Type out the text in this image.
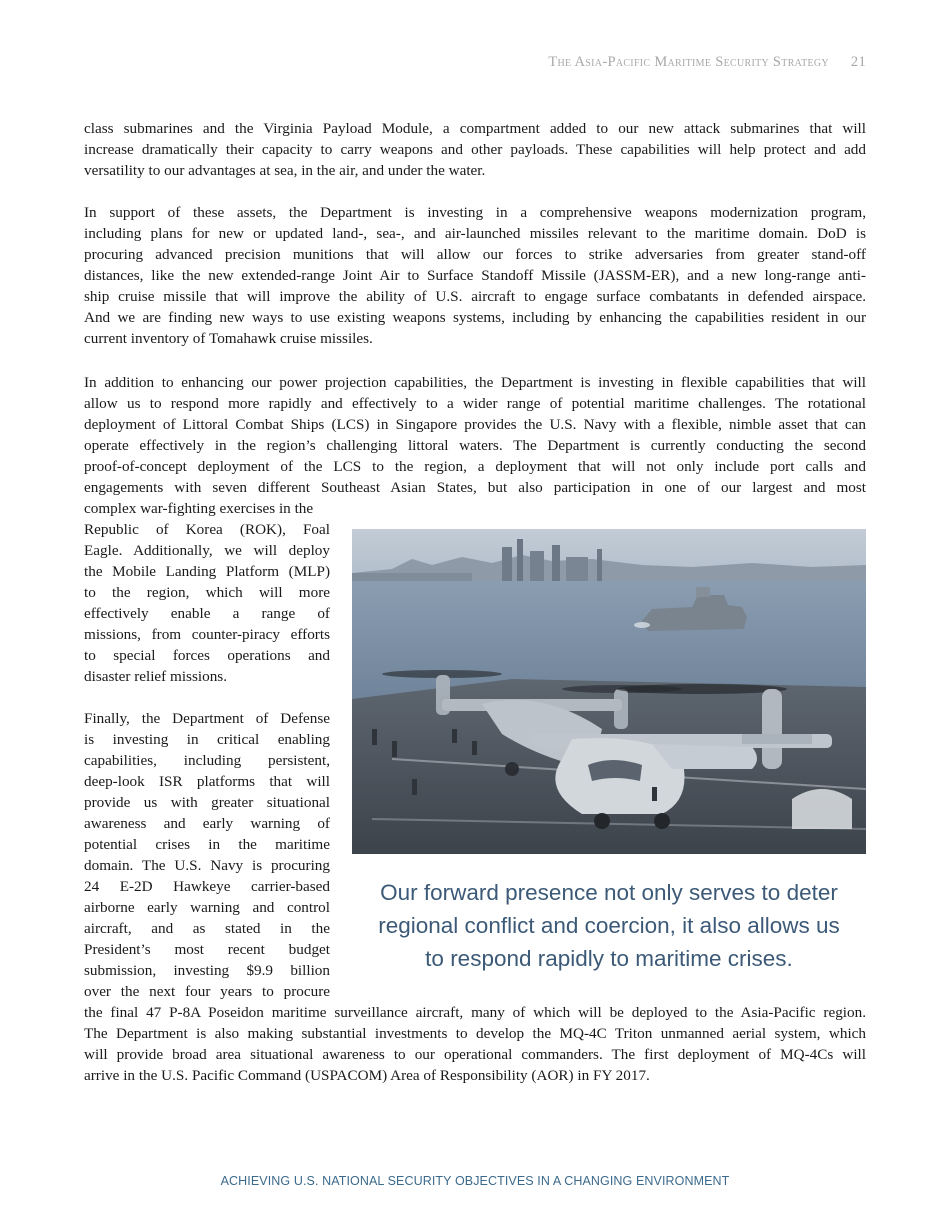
The Asia-Pacific Maritime Security Strategy 21
class submarines and the Virginia Payload Module, a compartment added to our new attack submarines that will
increase dramatically their capacity to carry weapons and other payloads. These capabilities will help protect and add
versatility to our advantages at sea, in the air, and under the water.
In support of these assets, the Department is investing in a comprehensive weapons modernization program,
including plans for new or updated land-, sea-, and air-launched missiles relevant to the maritime domain. DoD is
procuring advanced precision munitions that will allow our forces to strike adversaries from greater stand-off
distances, like the new extended-range Joint Air to Surface Standoff Missile (JASSM-ER), and a new long-range anti-
ship cruise missile that will improve the ability of U.S. aircraft to engage surface combatants in defended airspace.
And we are finding new ways to use existing weapons systems, including by enhancing the capabilities resident in our
current inventory of Tomahawk cruise missiles.
In addition to enhancing our power projection capabilities, the Department is investing in flexible capabilities that will
allow us to respond more rapidly and effectively to a wider range of potential maritime challenges. The rotational
deployment of Littoral Combat Ships (LCS) in Singapore provides the U.S. Navy with a flexible, nimble asset that can
operate effectively in the region’s challenging littoral waters. The Department is currently conducting the second
proof-of-concept deployment of the LCS to the region, a deployment that will not only include port calls and
engagements with seven different Southeast Asian States, but also participation in one of our largest and most
complex war-fighting exercises in the
Republic of Korea (ROK), Foal
Eagle. Additionally, we will deploy
the Mobile Landing Platform (MLP)
to the region, which will more
effectively enable a range of
missions, from counter-piracy efforts
to special forces operations and
disaster relief missions.
Finally, the Department of Defense
is investing in critical enabling
capabilities, including persistent,
deep-look ISR platforms that will
provide us with greater situational
awareness and early warning of
potential crises in the maritime
domain. The U.S. Navy is procuring
24 E-2D Hawkeye carrier-based
airborne early warning and control
aircraft, and as stated in the
President’s most recent budget
submission, investing $9.9 billion
over the next four years to procure
the final 47 P-8A Poseidon maritime surveillance aircraft, many of which will be deployed to the Asia-Pacific region.
The Department is also making substantial investments to develop the MQ-4C Triton unmanned aerial system, which
will provide broad area situational awareness to our operational commanders. The first deployment of MQ-4Cs will
arrive in the U.S. Pacific Command (USPACOM) Area of Responsibility (AOR) in FY 2017.
Our forward presence not only serves to deter
regional conflict and coercion, it also allows us
to respond rapidly to maritime crises.
ACHIEVING U.S. NATIONAL SECURITY OBJECTIVES IN A CHANGING ENVIRONMENT
